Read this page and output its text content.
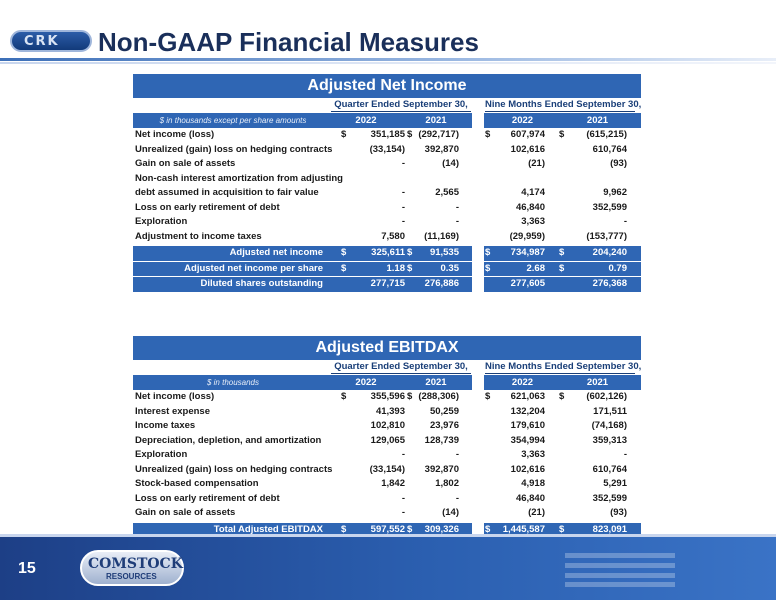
CRK Non-GAAP Financial Measures
Adjusted Net Income
Quarter Ended September 30,	Nine Months Ended September 30,
$ in thousands except per share amounts	2022	2021	2022	2021
Net income (loss)	$	351,185 $ (292,717)	$	607,974 $	(615,215)
Unrealized (gain) loss on hedging contracts	(33,154)	392,870	102,616	610,764
Gain on sale of assets	-	(14)	(21)	(93)
Non-cash interest amortization from adjusting
debt assumed in acquisition to fair value	-	2,565	4,174	9,962
Loss on early retirement of debt	-	-	46,840	352,599
Exploration	-	-	3,363	-
Adjustment to income taxes	7,580	(11,169)	(29,959)	(153,777)
Adjusted net income $	325,611 $	91,535	$	734,987 $	204,240
Adjusted net income per share $	1.18 $	0.35	$	2.68 $	0.79
Diluted shares outstanding	277,715	276,886	277,605	276,368
Adjusted EBITDAX
Quarter Ended September 30,	Nine Months Ended September 30,
$ in thousands	2022	2021	2022	2021
Net income (loss)	$	355,596 $ (288,306)	$	621,063 $	(602,126)
Interest expense	41,393	50,259	132,204	171,511
Income taxes	102,810	23,976	179,610	(74,168)
Depreciation, depletion, and amortization	129,065	128,739	354,994	359,313
Exploration	-	-	3,363	-
Unrealized (gain) loss on hedging contracts	(33,154)	392,870	102,616	610,764
Stock-based compensation	1,842	1,802	4,918	5,291
Loss on early retirement of debt	-	-	46,840	352,599
Gain on sale of assets	-	(14)	(21)	(93)
Total Adjusted EBITDAX $	597,552 $	309,326	$	1,445,587 $	823,091
15	COMSTOCK
RESOURCES
